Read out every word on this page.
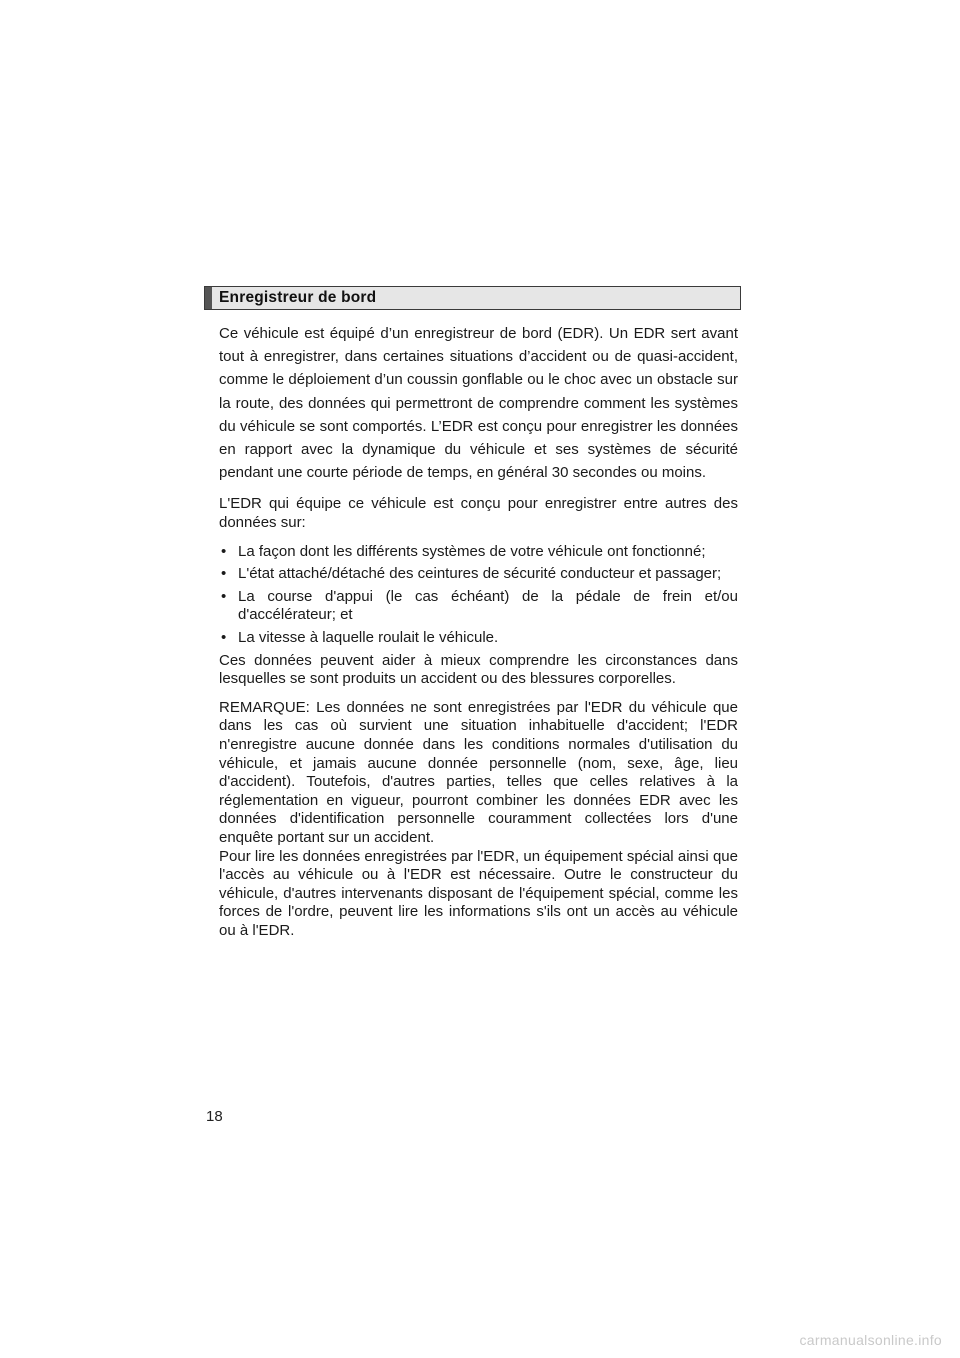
Enregistreur de bord

Ce véhicule est équipé d’un enregistreur de bord (EDR). Un EDR sert avant tout à enregistrer, dans certaines situations d’accident ou de quasi-accident, comme le déploiement d’un coussin gonflable ou le choc avec un obstacle sur la route, des données qui permettront de comprendre comment les systèmes du véhicule se sont comportés. L’EDR est conçu pour enregistrer les données en rapport avec la dynamique du véhicule et ses systèmes de sécurité pendant une courte période de temps, en général 30 secondes ou moins.

L'EDR qui équipe ce véhicule est conçu pour enregistrer entre autres des données sur:

• La façon dont les différents systèmes de votre véhicule ont fonctionné;
• L'état attaché/détaché des ceintures de sécurité conducteur et passager;
• La course d'appui (le cas échéant) de la pédale de frein et/ou d'accélérateur; et
• La vitesse à laquelle roulait le véhicule.

Ces données peuvent aider à mieux comprendre les circonstances dans lesquelles se sont produits un accident ou des blessures corporelles.

REMARQUE: Les données ne sont enregistrées par l'EDR du véhicule que dans les cas où survient une situation inhabituelle d'accident; l'EDR n'enregistre aucune donnée dans les conditions normales d'utilisation du véhicule, et jamais aucune donnée personnelle (nom, sexe, âge, lieu d'accident). Toutefois, d'autres parties, telles que celles relatives à la réglementation en vigueur, pourront combiner les données EDR avec les données d'identification personnelle couramment collectées lors d'une enquête portant sur un accident.

Pour lire les données enregistrées par l'EDR, un équipement spécial ainsi que l'accès au véhicule ou à l'EDR est nécessaire. Outre le constructeur du véhicule, d'autres intervenants disposant de l'équipement spécial, comme les forces de l'ordre, peuvent lire les informations s'ils ont un accès au véhicule ou à l'EDR.

18
carmanualsonline.info
